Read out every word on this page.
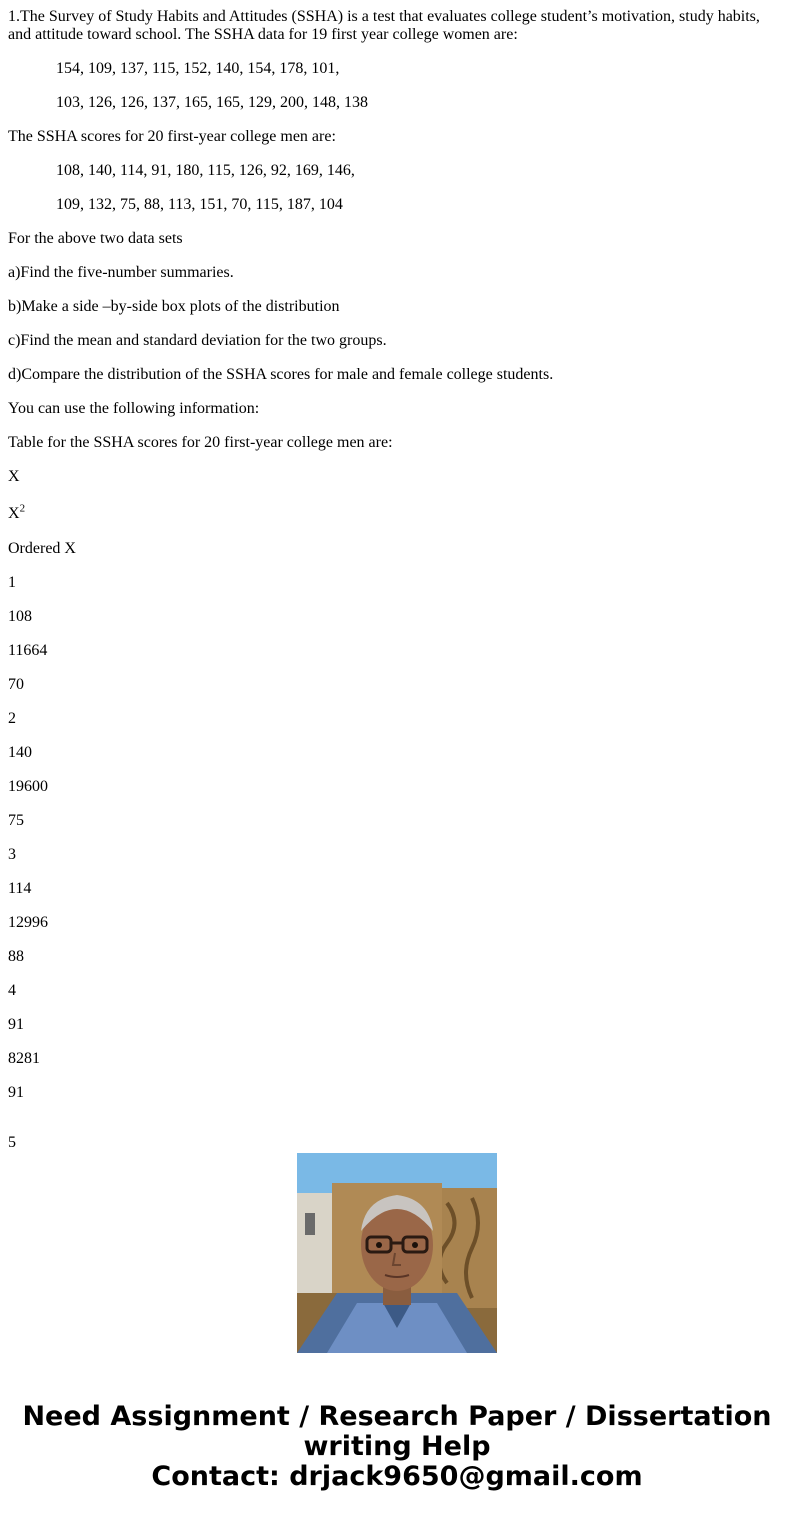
1.The Survey of Study Habits and Attitudes (SSHA) is a test that evaluates college student’s motivation, study habits, and attitude toward school. The SSHA data for 19 first year college women are:

154, 109, 137, 115, 152, 140, 154, 178, 101,

103, 126, 126, 137, 165, 165, 129, 200, 148, 138

The SSHA scores for 20 first-year college men are:

108, 140, 114, 91, 180, 115, 126, 92, 169, 146,

109, 132, 75, 88, 113, 151, 70, 115, 187, 104

For the above two data sets

a)Find the five-number summaries.

b)Make a side –by-side box plots of the distribution

c)Find the mean and standard deviation for the two groups.

d)Compare the distribution of the SSHA scores for male and female college students.

You can use the following information:

Table for the SSHA scores for 20 first-year college men are:

X

$X^2$

Ordered X

1

108

11664

70

2

140

19600

75

3

114

12996

88

4

91

8281

91

5

Need Assignment / Research Paper / Dissertation
writing Help
Contact: drjack9650@gmail.com
